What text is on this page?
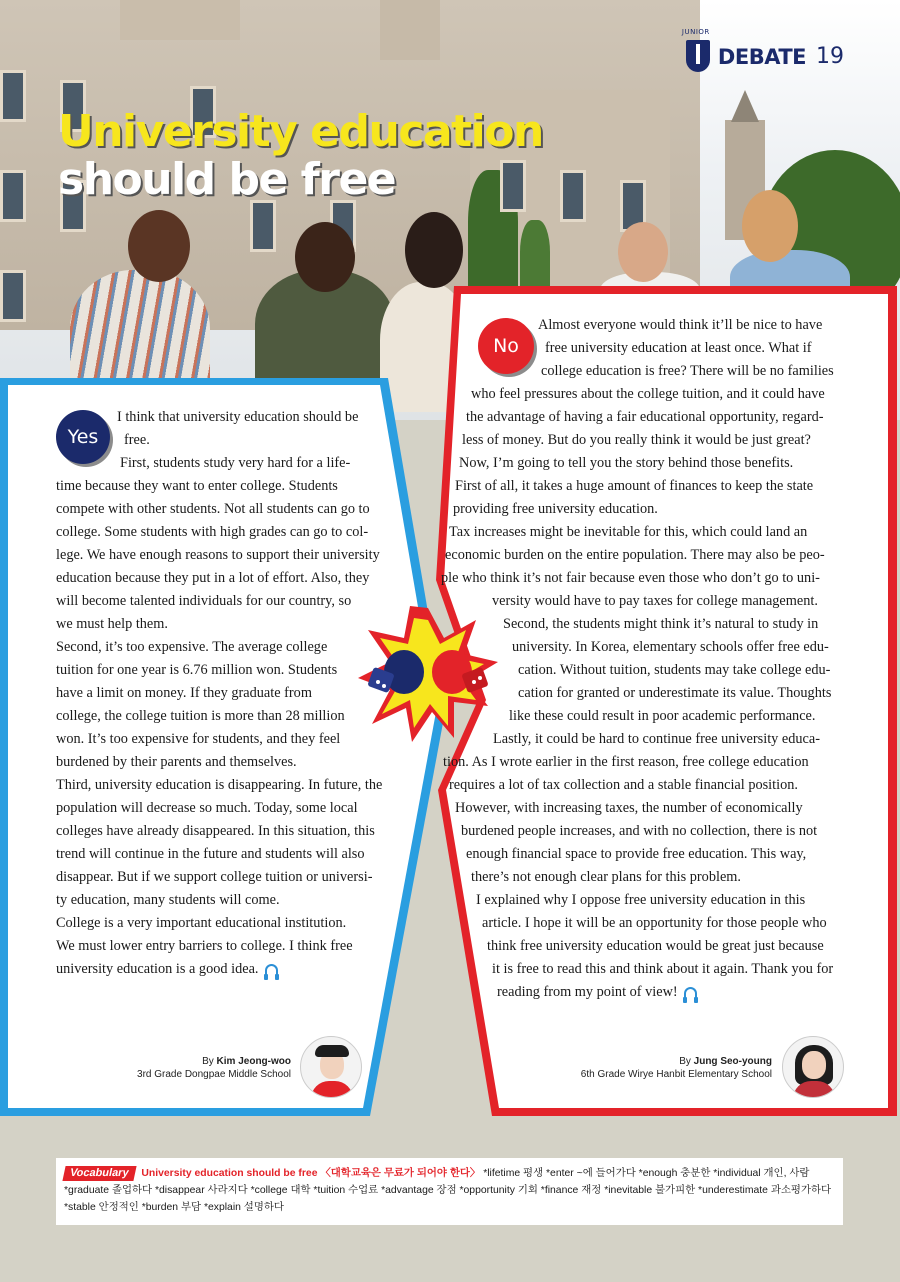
University education
should be free
JUNIOR
DEBATE 19
Yes
No
I think that university education should be
free.
First, students study very hard for a life-
time because they want to enter college. Students
compete with other students. Not all students can go to
college. Some students with high grades can go to col-
lege. We have enough reasons to support their university
education because they put in a lot of effort. Also, they
will become talented individuals for our country, so
we must help them.
Second, it’s too expensive. The average college
tuition for one year is 6.76 million won. Students
have a limit on money. If they graduate from
college, the college tuition is more than 28 million
won. It’s too expensive for students, and they feel
burdened by their parents and themselves.
Third, university education is disappearing. In future, the
population will decrease so much. Today, some local
colleges have already disappeared. In this situation, this
trend will continue in the future and students will also
disappear. But if we support college tuition or universi-
ty education, many students will come.
College is a very important educational institution.
We must lower entry barriers to college. I think free
university education is a good idea.
Almost everyone would think it’ll be nice to have
free university education at least once. What if
college education is free? There will be no families
who feel pressures about the college tuition, and it could have
the advantage of having a fair educational opportunity, regard-
less of money. But do you really think it would be just great?
Now, I’m going to tell you the story behind those benefits.
First of all, it takes a huge amount of finances to keep the state
providing free university education.
Tax increases might be inevitable for this, which could land an
economic burden on the entire population. There may also be peo-
ple who think it’s not fair because even those who don’t go to uni-
versity would have to pay taxes for college management.
Second, the students might think it’s natural to study in
university. In Korea, elementary schools offer free edu-
cation. Without tuition, students may take college edu-
cation for granted or underestimate its value. Thoughts
like these could result in poor academic performance.
Lastly, it could be hard to continue free university educa-
tion. As I wrote earlier in the first reason, free college education
requires a lot of tax collection and a stable financial position.
However, with increasing taxes, the number of economically
burdened people increases, and with no collection, there is not
enough financial space to provide free education. This way,
there’s not enough clear plans for this problem.
I explained why I oppose free university education in this
article. I hope it will be an opportunity for those people who
think free university education would be great just because
it is free to read this and think about it again. Thank you for
reading from my point of view!
By Kim Jeong-woo
3rd Grade Dongpae Middle School
By Jung Seo-young
6th Grade Wirye Hanbit Elementary School
Vocabulary University education should be free 〈대학교육은 무료가 되어야 한다〉 *lifetime 평생 *enter ~에 들어가다 *enough 충분한 *individual 개인, 사람 *graduate 졸업하다 *disappear 사라지다 *college 대학 *tuition 수업료 *advantage 장점 *opportunity 기회 *finance 재정 *inevitable 불가피한 *underestimate 과소평가하다 *stable 안정적인 *burden 부담 *explain 설명하다
